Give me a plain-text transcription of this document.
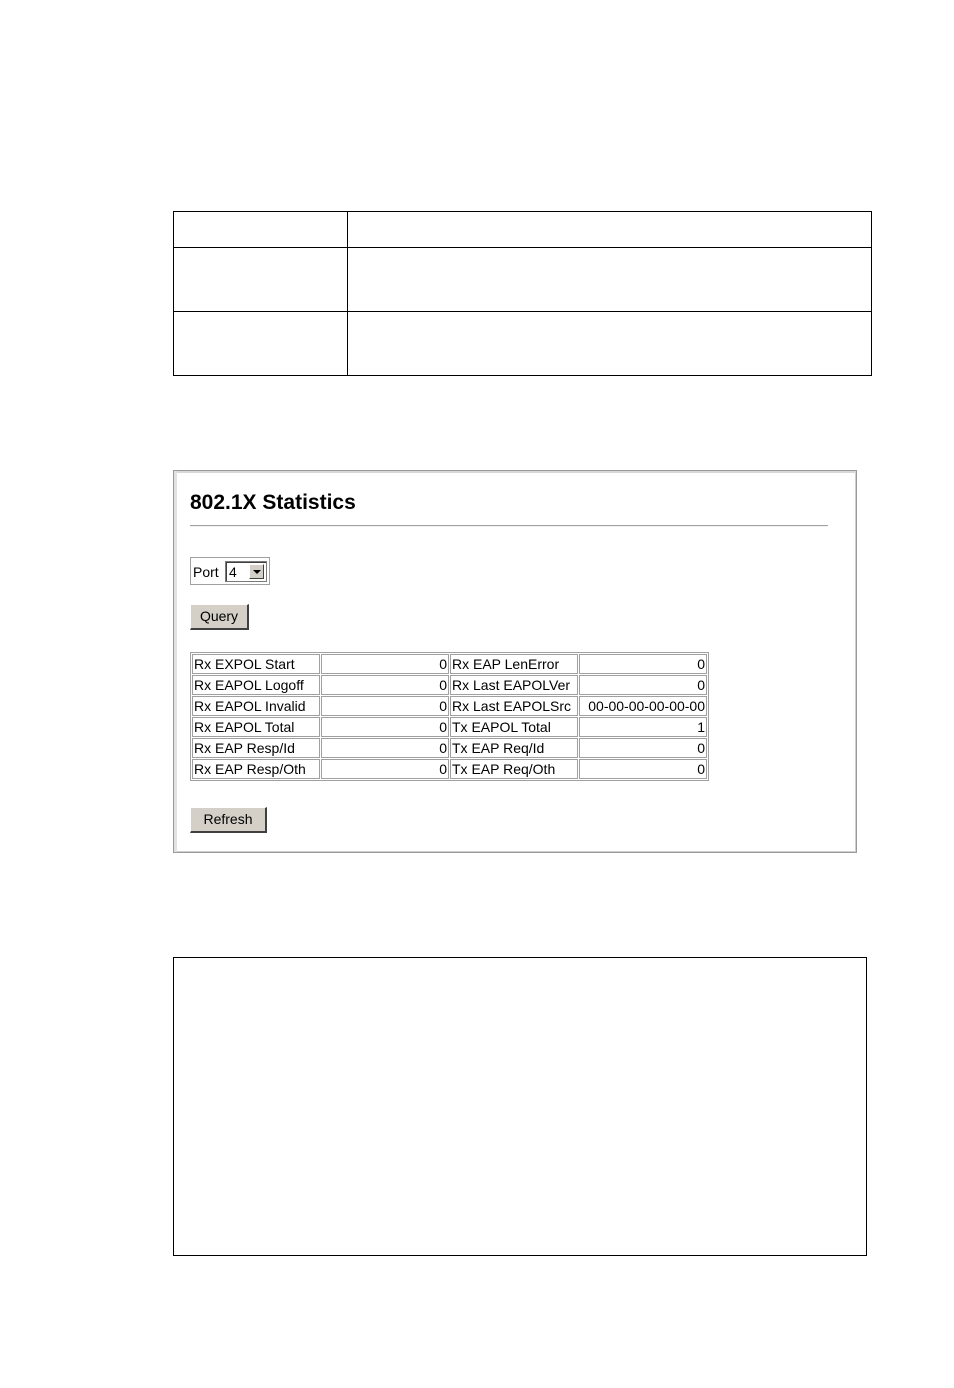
802.1X Statistics
Port 4
Query
Rx EXPOL Start	0	Rx EAP LenError	0
Rx EAPOL Logoff	0	Rx Last EAPOLVer	0
Rx EAPOL Invalid	0	Rx Last EAPOLSrc	00-00-00-00-00-00
Rx EAPOL Total	0	Tx EAPOL Total	1
Rx EAP Resp/Id	0	Tx EAP Req/Id	0
Rx EAP Resp/Oth	0	Tx EAP Req/Oth	0
Refresh
